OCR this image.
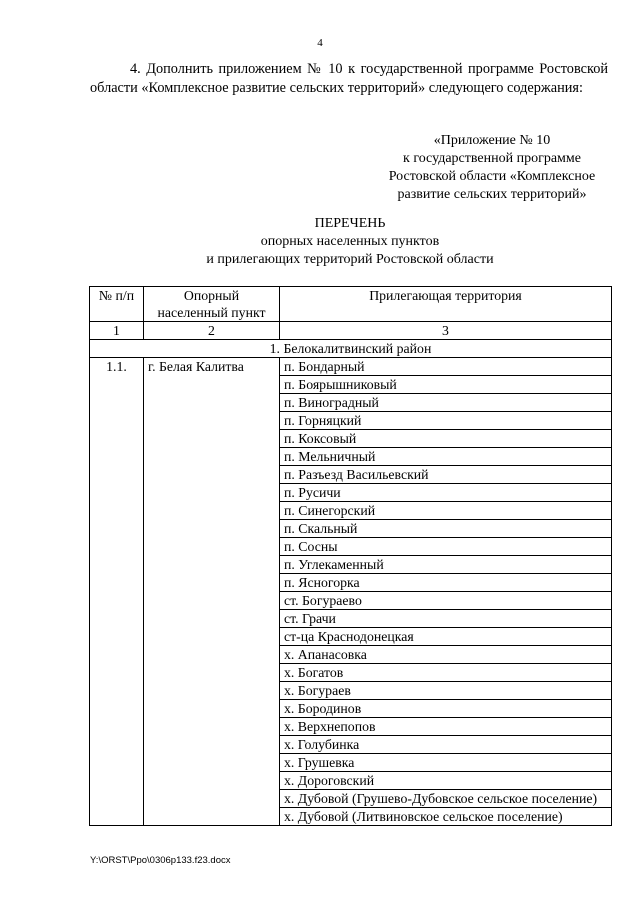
4

4. Дополнить приложением № 10 к государственной программе Ростовской области «Комплексное развитие сельских территорий» следующего содержания:

«Приложение № 10
к государственной программе
Ростовской области «Комплексное
развитие сельских территорий»
ПЕРЕЧЕНЬ
опорных населенных пунктов
и прилегающих территорий Ростовской области
№ п/п	Опорный населенный пункт	Прилегающая территория
1	2	3
1. Белокалитвинский район		
1.1.	г. Белая Калитва	п. Бондарный
		п. Боярышниковый
		п. Виноградный
		п. Горняцкий
		п. Коксовый
		п. Мельничный
		п. Разъезд Васильевский
		п. Русичи
		п. Синегорский
		п. Скальный
		п. Сосны
		п. Углекаменный
		п. Ясногорка
		ст. Богураево
		ст. Грачи
		ст-ца Краснодонецкая
		х. Апанасовка
		х. Богатов
		х. Богураев
		х. Бородинов
		х. Верхнепопов
		х. Голубинка
		х. Грушевка
		х. Дороговский
		х. Дубовой (Грушево-Дубовское сельское поселение)
		х. Дубовой (Литвиновское сельское поселение)
Y:\ORST\Ppo\0306p133.f23.docx
